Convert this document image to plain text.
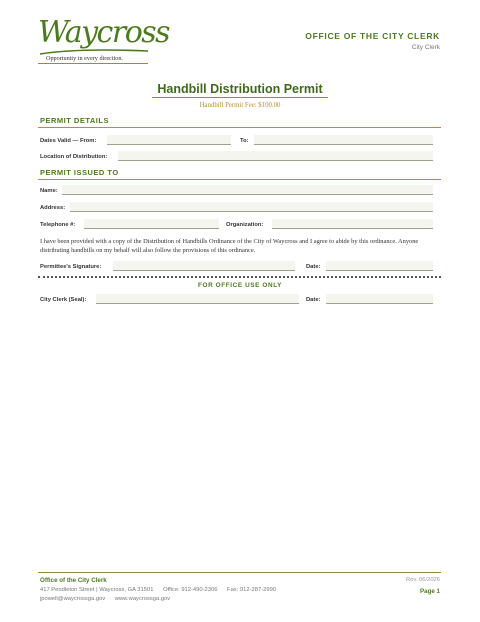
Waycross
Opportunity in every direction.
OFFICE OF THE CITY CLERK
City Clerk
Handbill Distribution Permit
Handbill Permit Fee: $100.00
PERMIT DETAILS
Dates Valid — From:	To:
Location of Distribution:
PERMIT ISSUED TO
Name:
Address:
Telephone #:	Organization:
I have been provided with a copy of the Distribution of Handbills Ordinance of the City of Waycross and I agree to abide by this ordinance. Anyone distributing handbills on my behalf will also follow the provisions of this ordinance.
Permittee's Signature:	Date:
FOR OFFICE USE ONLY
City Clerk (Seal):	Date:
Office of the City Clerk
417 Pendleton Street | Waycross, GA 31501 Office: 912-490-2306 Fax: 912-287-2990
jpowell@waycrossga.gov www.waycrossga.gov
Rev. 06/2026
Page 1
